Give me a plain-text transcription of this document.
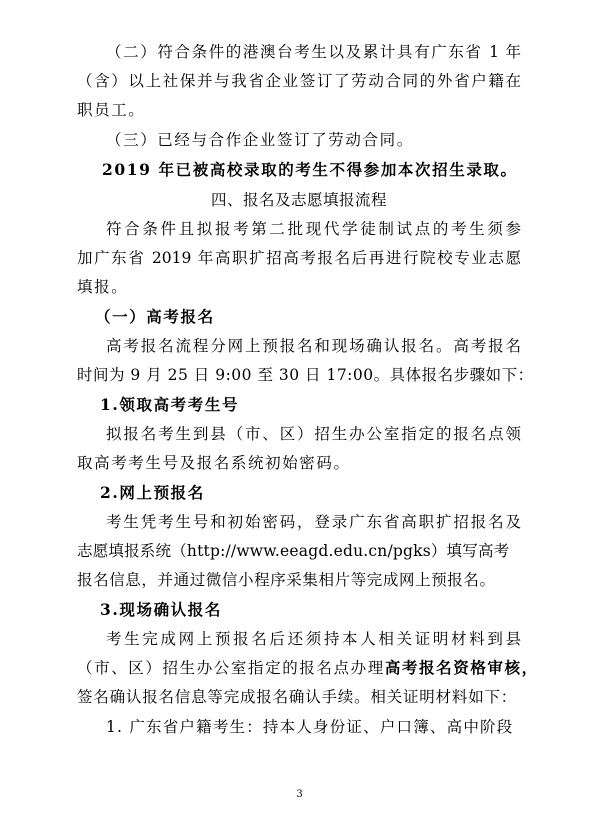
（二）符合条件的港澳台考生以及累计具有广东省 1 年
（含）以上社保并与我省企业签订了劳动合同的外省户籍在
职员工。
（三）已经与合作企业签订了劳动合同。
2019 年已被高校录取的考生不得参加本次招生录取。
四、报名及志愿填报流程
符合条件且拟报考第二批现代学徒制试点的考生须参
加广东省 2019 年高职扩招高考报名后再进行院校专业志愿
填报。
（一）高考报名
高考报名流程分网上预报名和现场确认报名。高考报名
时间为 9 月 25 日 9:00 至 30 日 17:00。具体报名步骤如下：
1.领取高考考生号
拟报名考生到县（市、区）招生办公室指定的报名点领
取高考考生号及报名系统初始密码。
2.网上预报名
考生凭考生号和初始密码，登录广东省高职扩招报名及
志愿填报系统（http://www.eeagd.edu.cn/pgks）填写高考
报名信息，并通过微信小程序采集相片等完成网上预报名。
3.现场确认报名
考生完成网上预报名后还须持本人相关证明材料到县
（市、区）招生办公室指定的报名点办理高考报名资格审核，
签名确认报名信息等完成报名确认手续。相关证明材料如下：
1. 广东省户籍考生：持本人身份证、户口簿、高中阶段
3
